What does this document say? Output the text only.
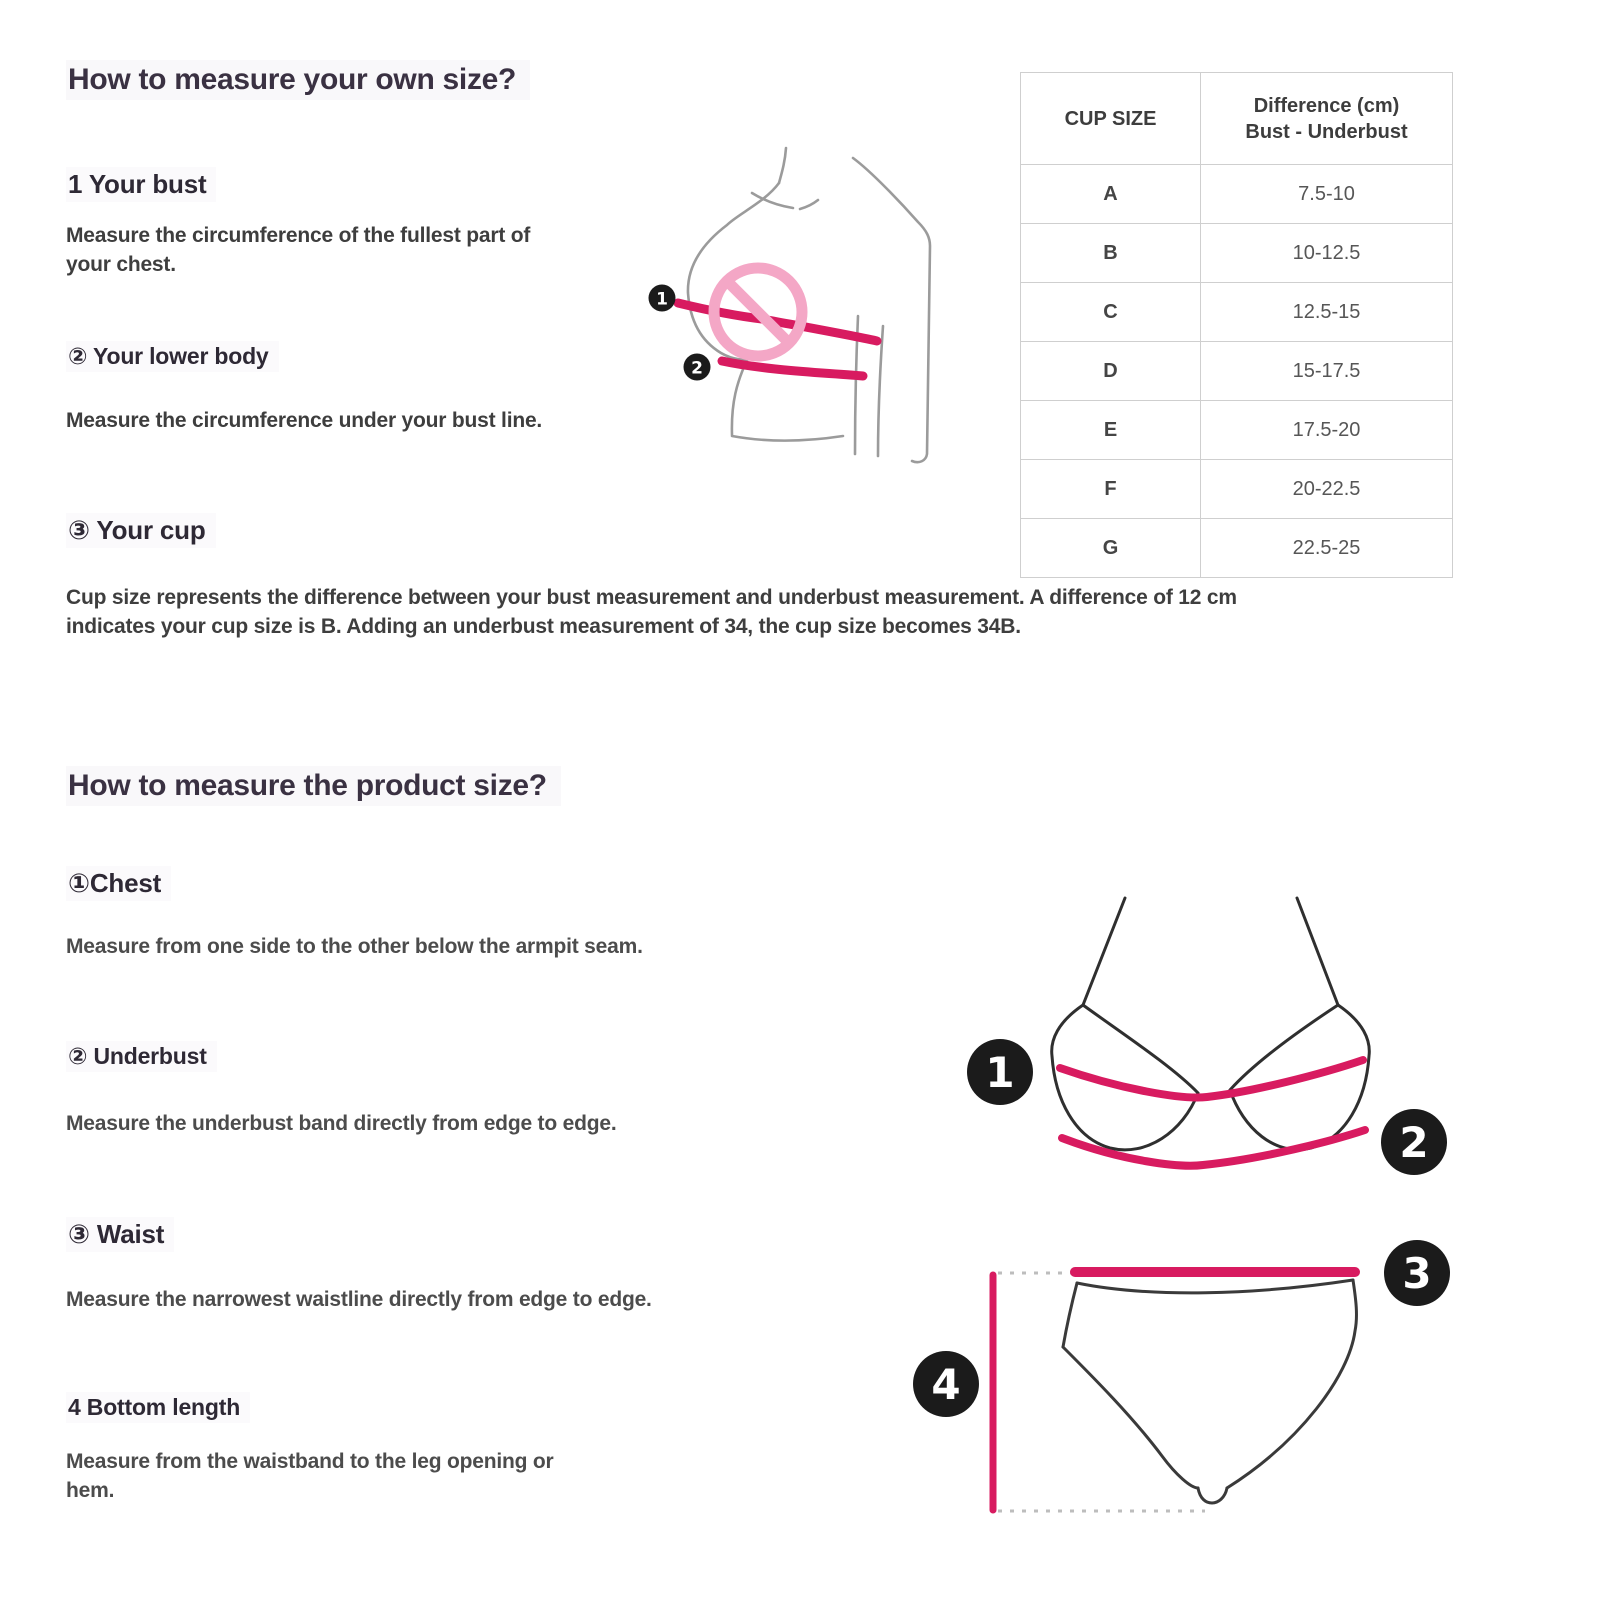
How to measure your own size?
1 Your bust
Measure the circumference of the fullest part of your chest.
② Your lower body
Measure the circumference under your bust line.
③ Your cup
Cup size represents the difference between your bust measurement and underbust measurement. A difference of 12 cm indicates your cup size is B. Adding an underbust measurement of 34, the cup size becomes 34B.
1
2
CUP SIZE	Difference (cm)
Bust - Underbust
A	7.5-10
B	10-12.5
C	12.5-15
D	15-17.5
E	17.5-20
F	20-22.5
G	22.5-25
How to measure the product size?
①Chest
Measure from one side to the other below the armpit seam.
② Underbust
Measure the underbust band directly from edge to edge.
③ Waist
Measure the narrowest waistline directly from edge to edge.
4 Bottom length
Measure from the waistband to the leg opening or hem.
1
2
3
4
